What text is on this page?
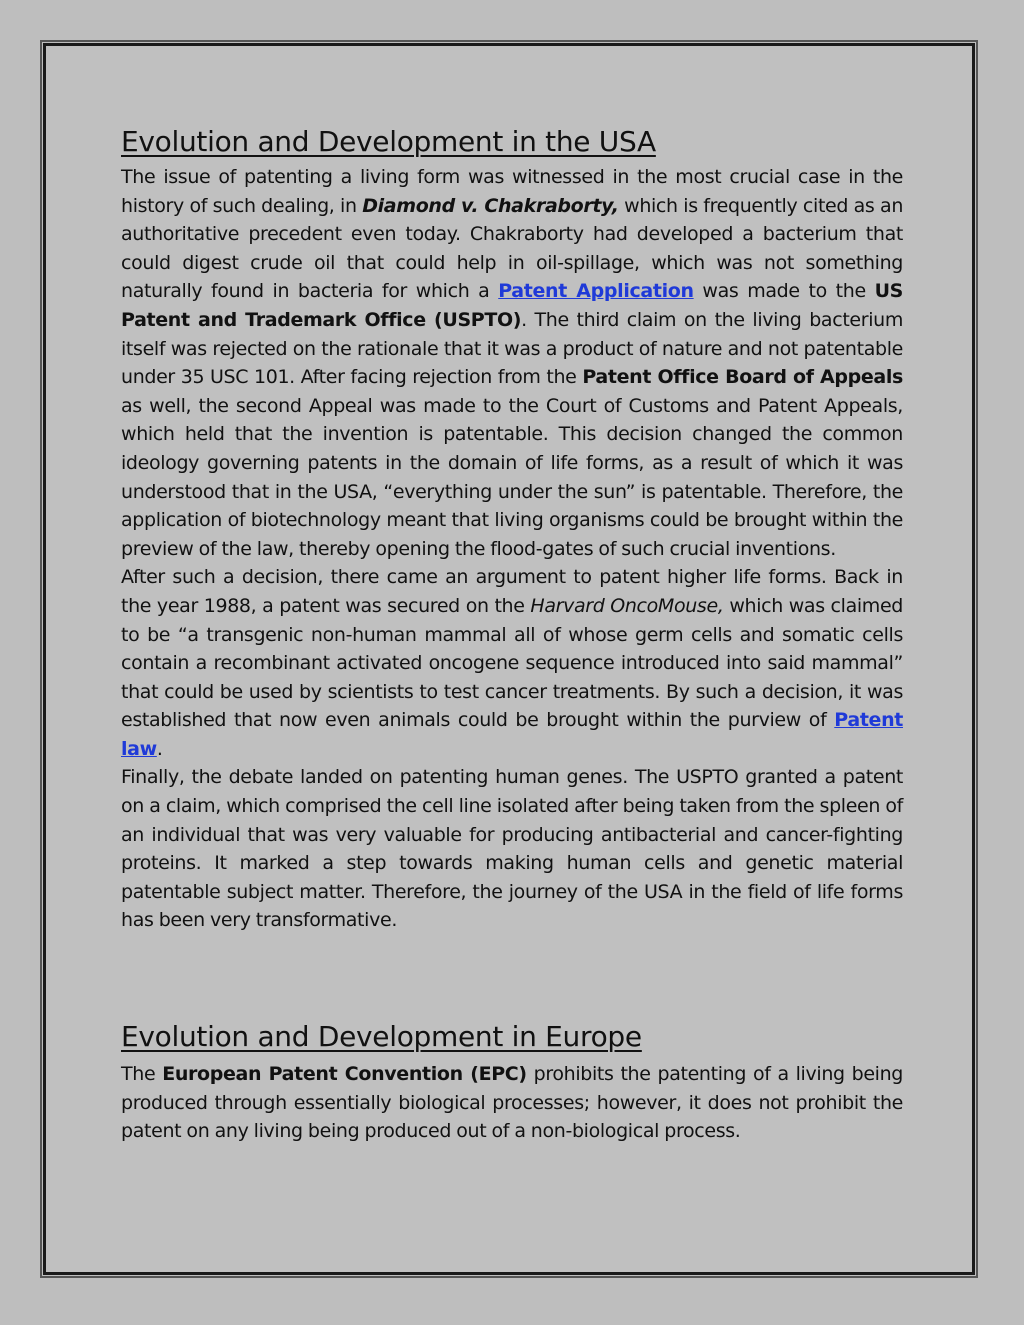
Evolution and Development in the USA

The issue of patenting a living form was witnessed in the most crucial case in the history of such dealing, in Diamond v. Chakraborty, which is frequently cited as an authoritative precedent even today. Chakraborty had developed a bacterium that could digest crude oil that could help in oil-spillage, which was not something naturally found in bacteria for which a Patent Application was made to the US Patent and Trademark Office (USPTO). The third claim on the living bacterium itself was rejected on the rationale that it was a product of nature and not patentable under 35 USC 101. After facing rejection from the Patent Office Board of Appeals as well, the second Appeal was made to the Court of Customs and Patent Appeals, which held that the invention is patentable. This decision changed the common ideology governing patents in the domain of life forms, as a result of which it was understood that in the USA, “everything under the sun” is patentable. Therefore, the application of biotechnology meant that living organisms could be brought within the preview of the law, thereby opening the flood-gates of such crucial inventions.

After such a decision, there came an argument to patent higher life forms. Back in the year 1988, a patent was secured on the Harvard OncoMouse, which was claimed to be “a transgenic non-human mammal all of whose germ cells and somatic cells contain a recombinant activated oncogene sequence introduced into said mammal” that could be used by scientists to test cancer treatments. By such a decision, it was established that now even animals could be brought within the purview of Patent law.

Finally, the debate landed on patenting human genes. The USPTO granted a patent on a claim, which comprised the cell line isolated after being taken from the spleen of an individual that was very valuable for producing antibacterial and cancer-fighting proteins. It marked a step towards making human cells and genetic material patentable subject matter. Therefore, the journey of the USA in the field of life forms has been very transformative.

Evolution and Development in Europe

The European Patent Convention (EPC) prohibits the patenting of a living being produced through essentially biological processes; however, it does not prohibit the patent on any living being produced out of a non-biological process.
